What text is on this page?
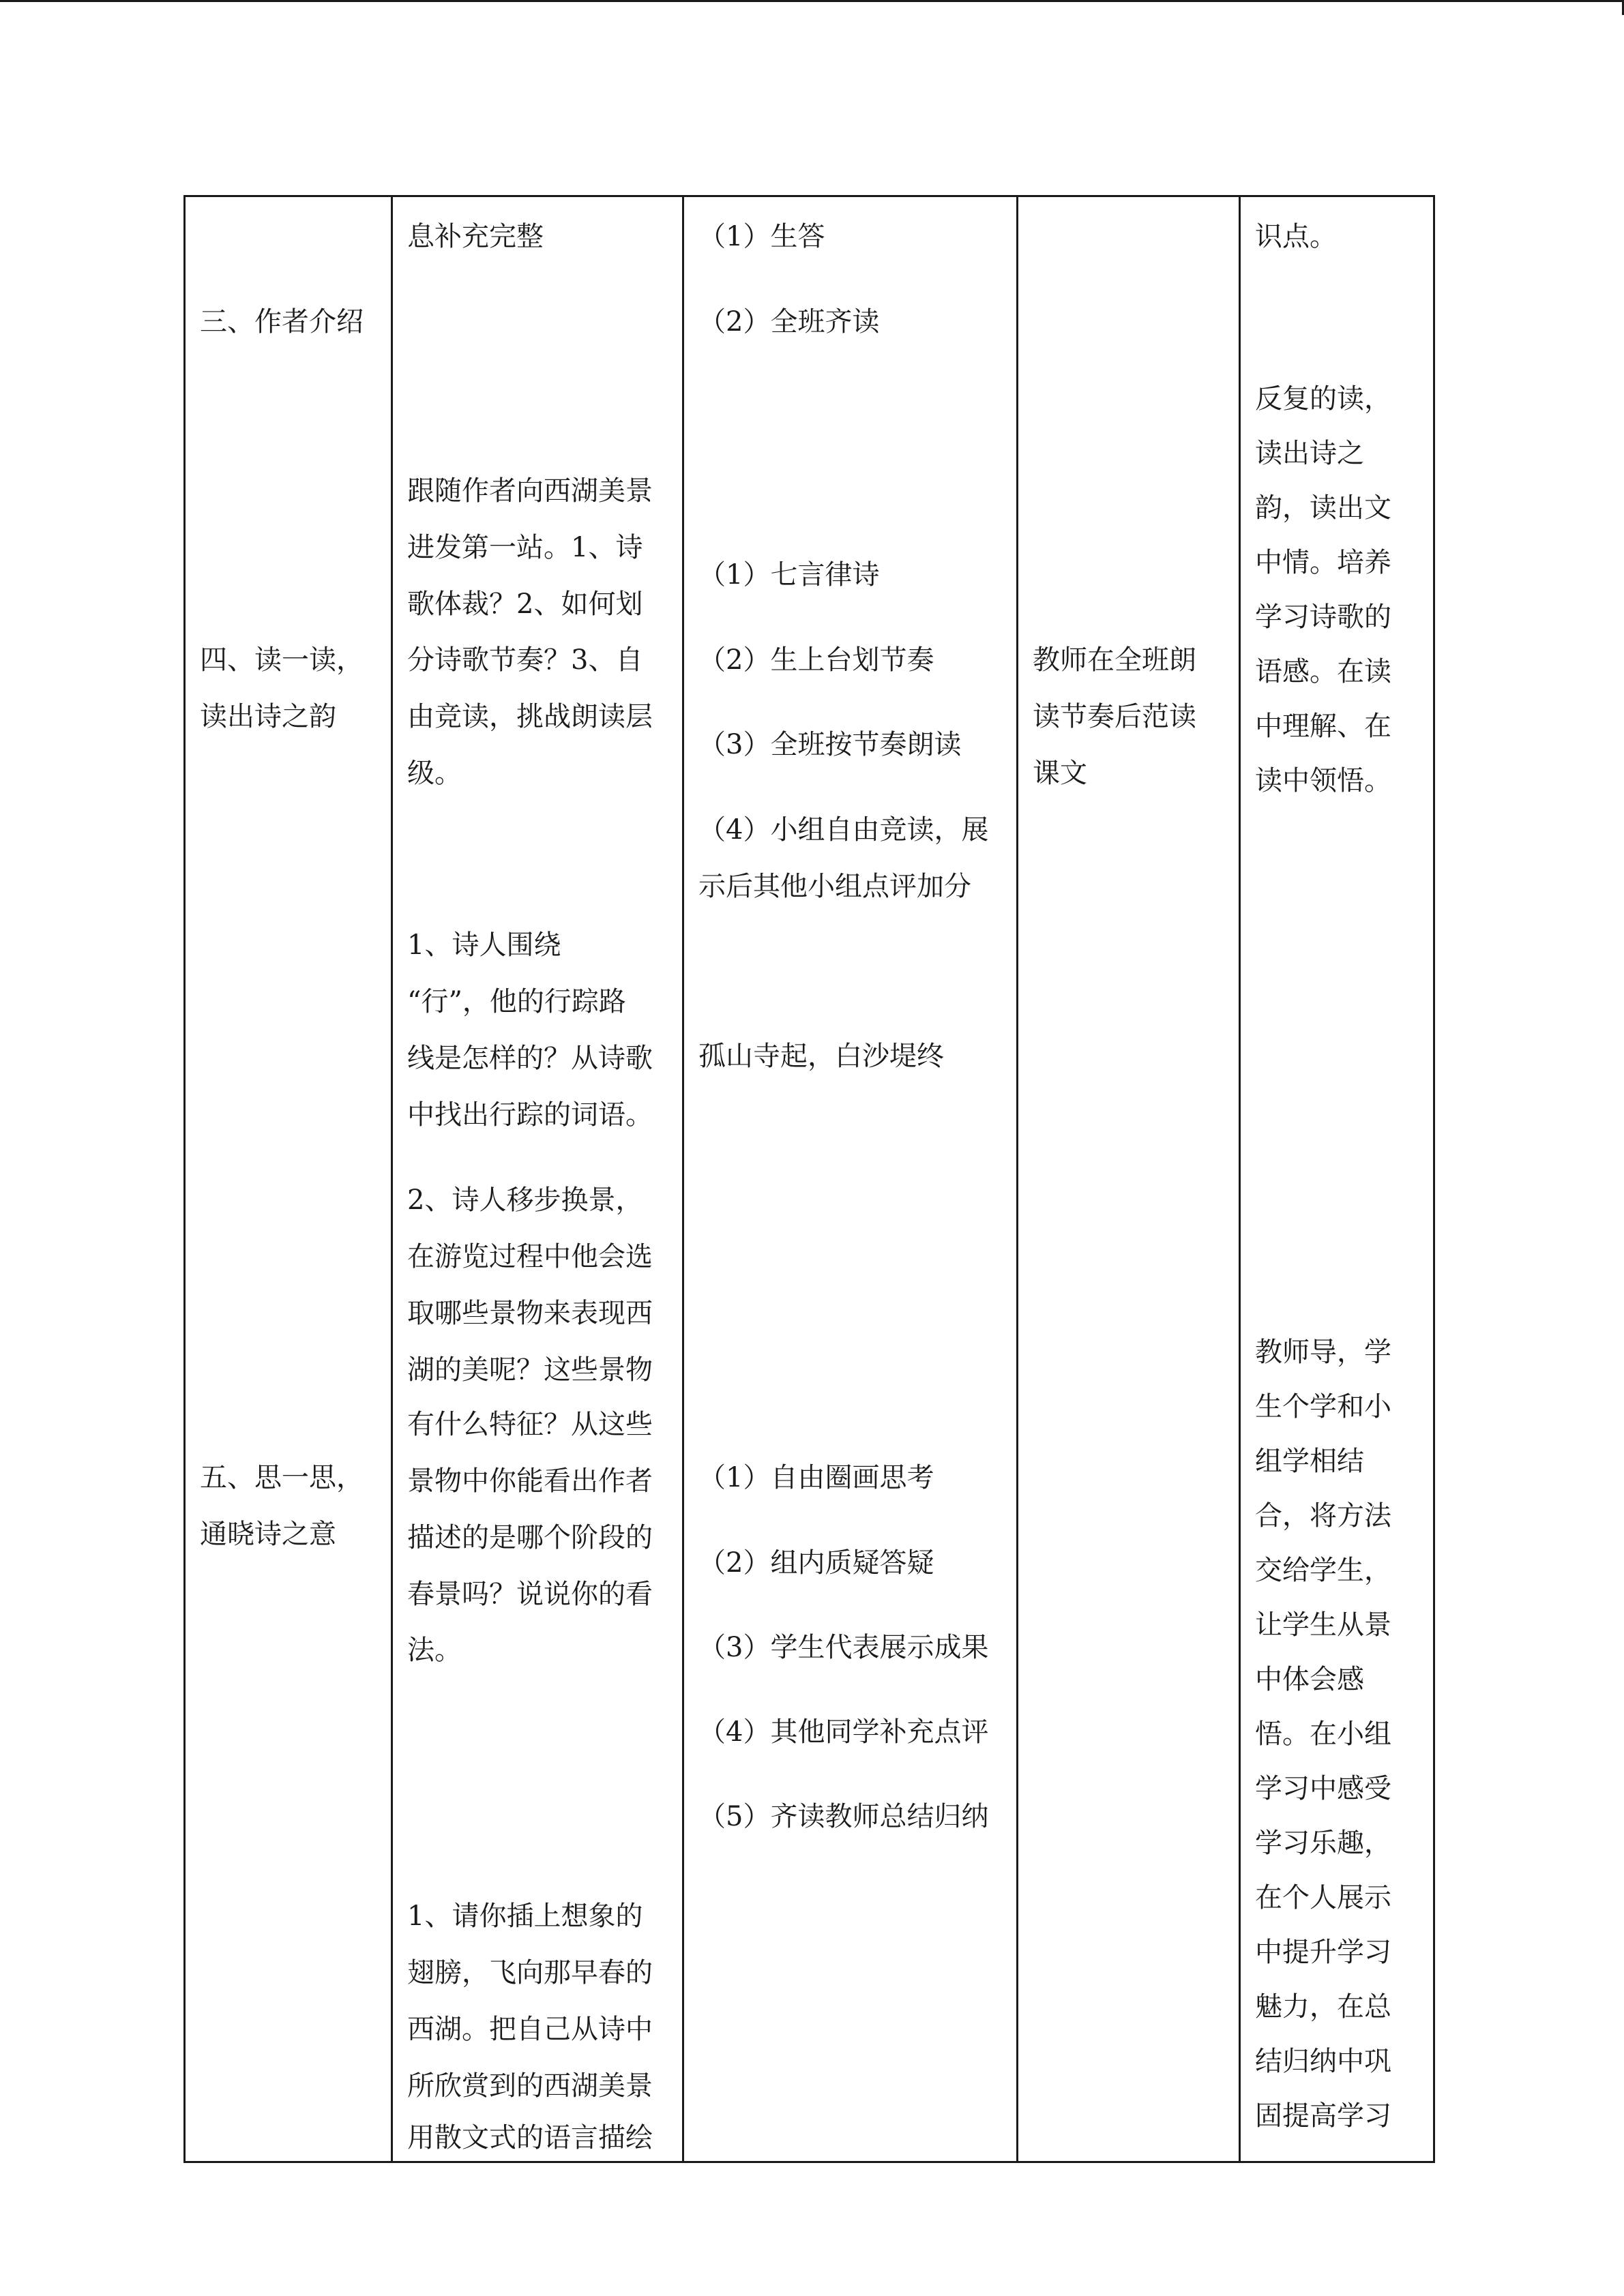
三、作者介绍
四、读一读，
读出诗之韵
五、思一思，
通晓诗之意
息补充完整
跟随作者向西湖美景
进发第一站。1、诗
歌体裁？2、如何划
分诗歌节奏？3、自
由竞读，挑战朗读层
级。
1、诗人围绕
“行”，他的行踪路
线是怎样的？从诗歌
中找出行踪的词语。
2、诗人移步换景，
在游览过程中他会选
取哪些景物来表现西
湖的美呢？这些景物
有什么特征？从这些
景物中你能看出作者
描述的是哪个阶段的
春景吗？说说你的看
法。
1、请你插上想象的
翅膀，飞向那早春的
西湖。把自己从诗中
所欣赏到的西湖美景
用散文式的语言描绘
（1）生答
（2）全班齐读
（1）七言律诗
（2）生上台划节奏
（3）全班按节奏朗读
（4）小组自由竞读，展
示后其他小组点评加分
孤山寺起，白沙堤终
（1）自由圈画思考
（2）组内质疑答疑
（3）学生代表展示成果
（4）其他同学补充点评
（5）齐读教师总结归纳
教师在全班朗
读节奏后范读
课文
识点。
反复的读，
读出诗之
韵，读出文
中情。培养
学习诗歌的
语感。在读
中理解、在
读中领悟。
教师导，学
生个学和小
组学相结
合，将方法
交给学生，
让学生从景
中体会感
悟。在小组
学习中感受
学习乐趣，
在个人展示
中提升学习
魅力，在总
结归纳中巩
固提高学习
